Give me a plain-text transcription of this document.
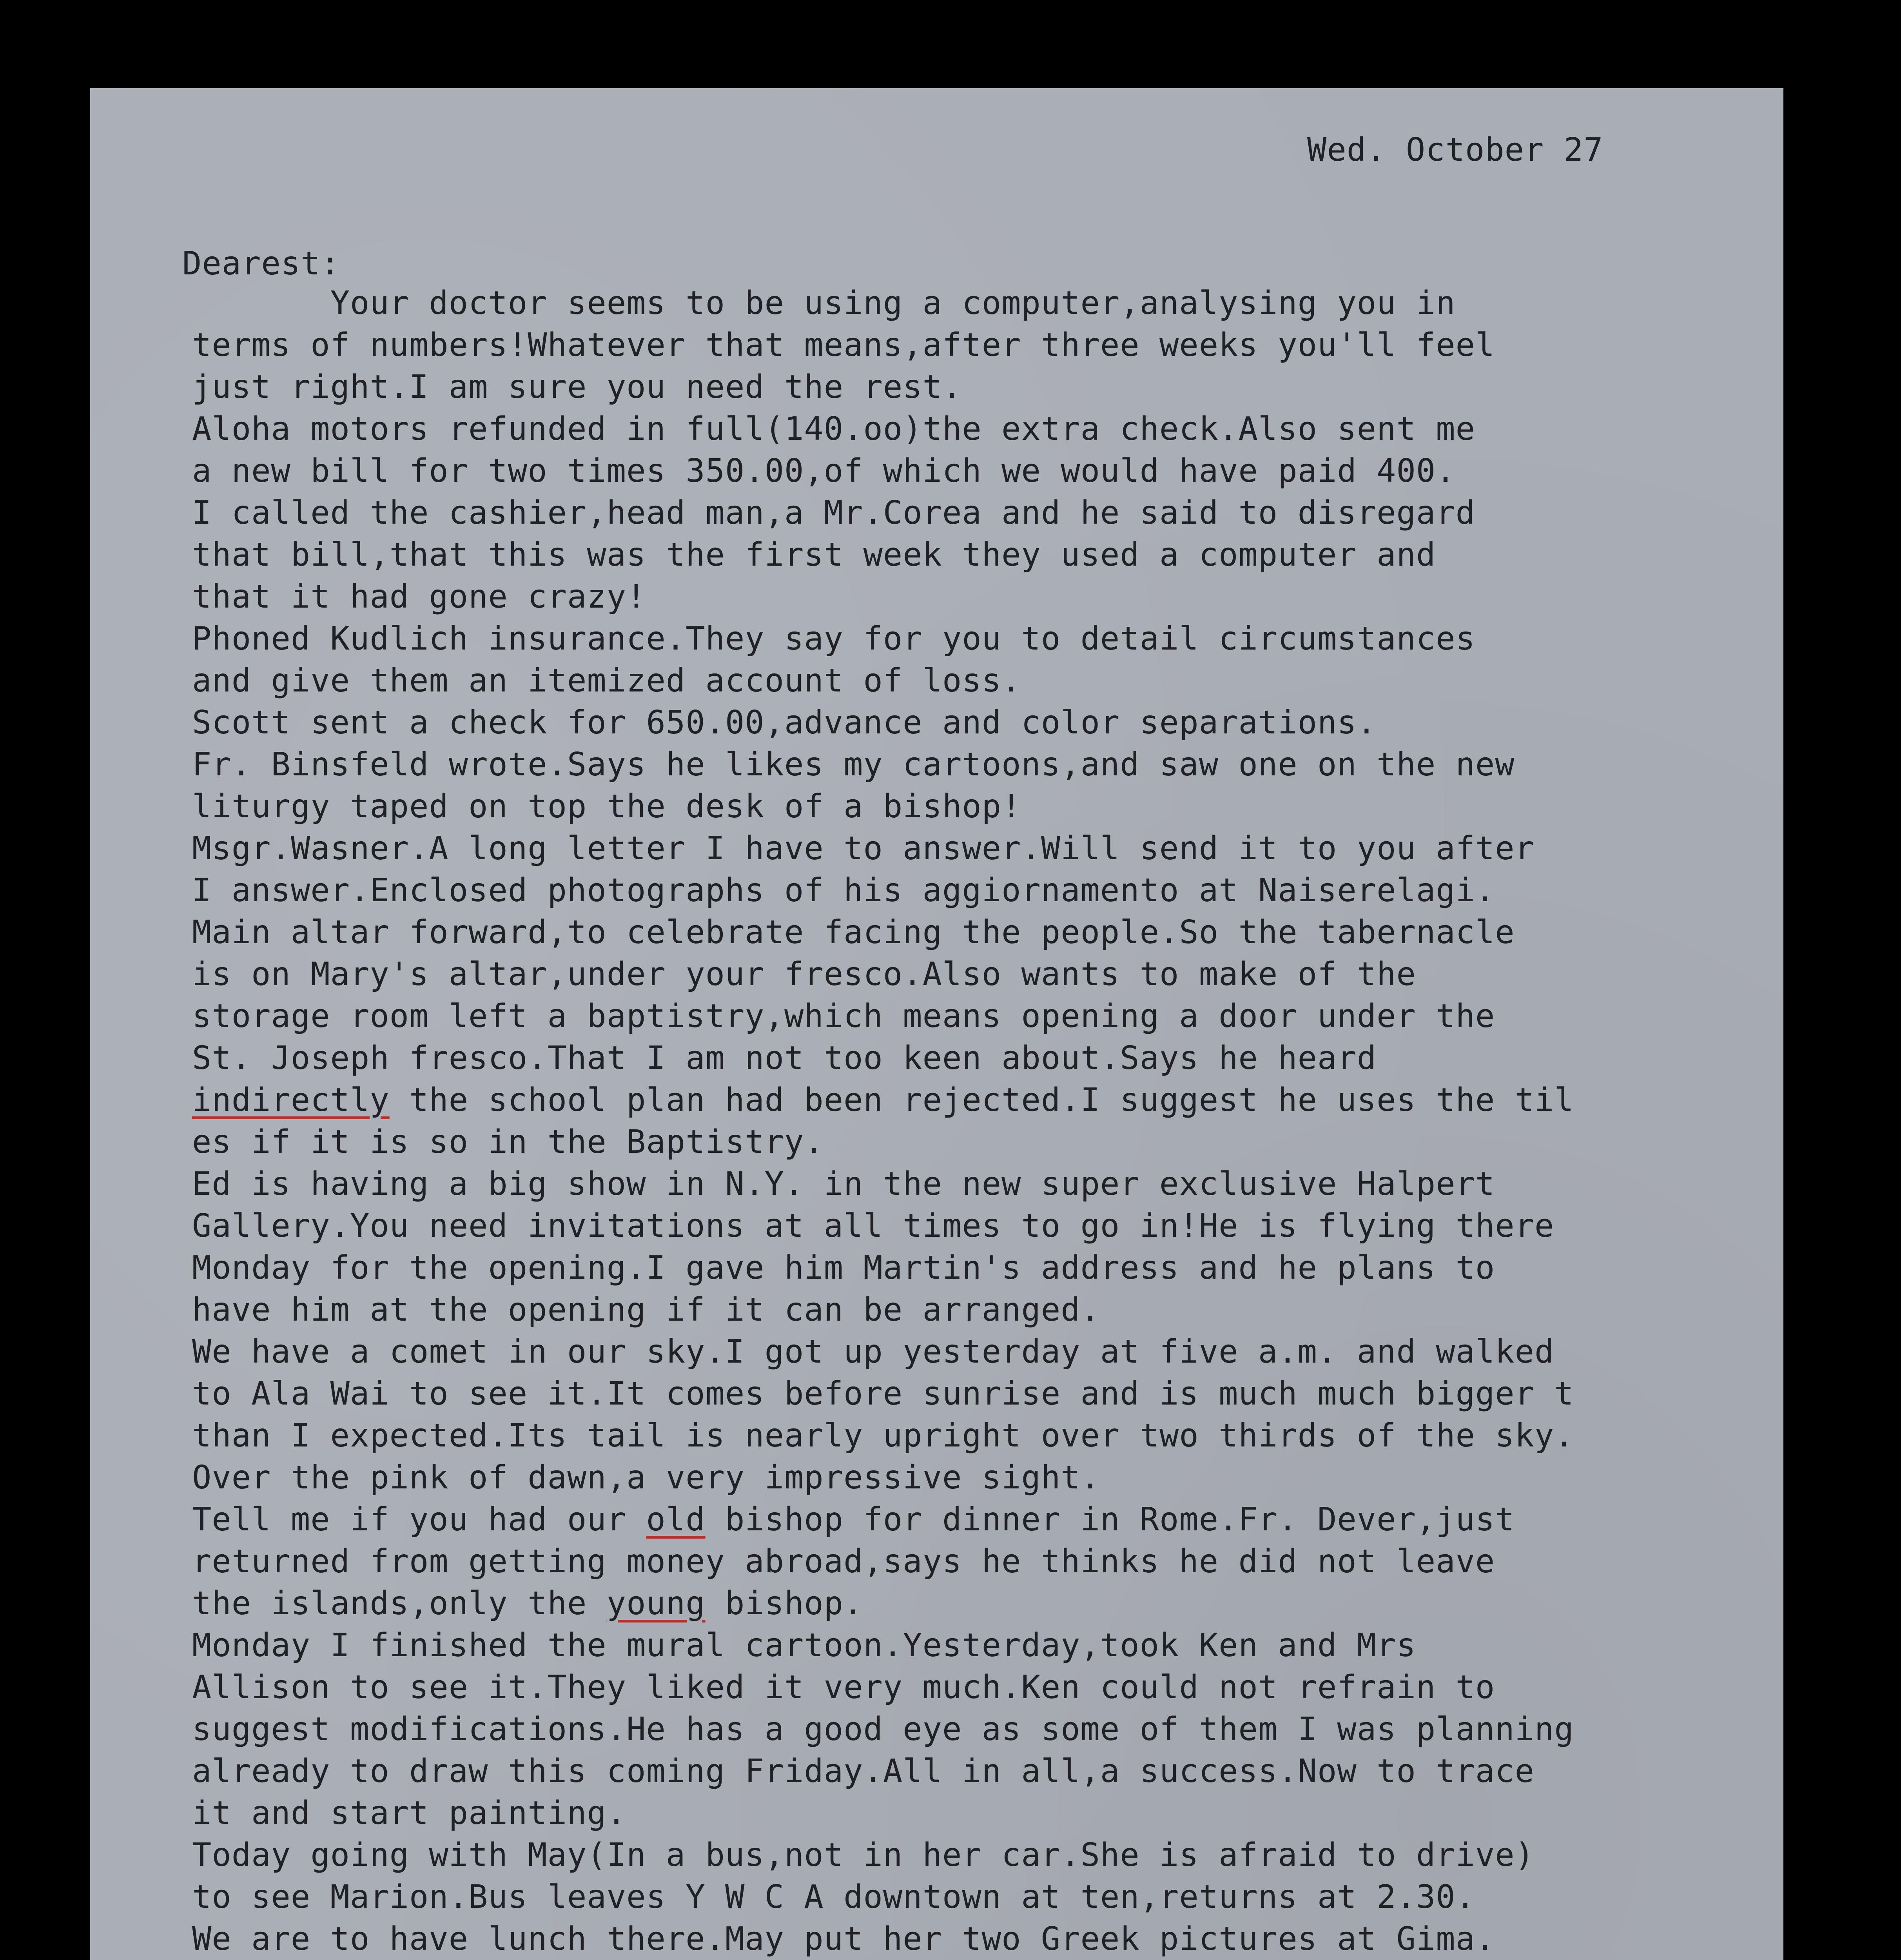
Wed. October 27
Dearest:
Your doctor seems to be using a computer,analysing you in
terms of numbers!Whatever that means,after three weeks you'll feel
just right.I am sure you need the rest.
Aloha motors refunded in full(140.oo)the extra check.Also sent me
a new bill for two times 350.00,of which we would have paid 400.
I called the cashier,head man,a Mr.Corea and he said to disregard
that bill,that this was the first week they used a computer and
that it had gone crazy!
Phoned Kudlich insurance.They say for you to detail circumstances
and give them an itemized account of loss.
Scott sent a check for 650.00,advance and color separations.
Fr. Binsfeld wrote.Says he likes my cartoons,and saw one on the new
liturgy taped on top the desk of a bishop!
Msgr.Wasner.A long letter I have to answer.Will send it to you after
I answer.Enclosed photographs of his aggiornamento at Naiserelagi.
Main altar forward,to celebrate facing the people.So the tabernacle
is on Mary's altar,under your fresco.Also wants to make of the
storage room left a baptistry,which means opening a door under the
St. Joseph fresco.That I am not too keen about.Says he heard
indirectly the school plan had been rejected.I suggest he uses the til
es if it is so in the Baptistry.
Ed is having a big show in N.Y. in the new super exclusive Halpert
Gallery.You need invitations at all times to go in!He is flying there
Monday for the opening.I gave him Martin's address and he plans to
have him at the opening if it can be arranged.
We have a comet in our sky.I got up yesterday at five a.m. and walked
to Ala Wai to see it.It comes before sunrise and is much much bigger t
than I expected.Its tail is nearly upright over two thirds of the sky.
Over the pink of dawn,a very impressive sight.
Tell me if you had our old bishop for dinner in Rome.Fr. Dever,just
returned from getting money abroad,says he thinks he did not leave
the islands,only the young bishop.
Monday I finished the mural cartoon.Yesterday,took Ken and Mrs
Allison to see it.They liked it very much.Ken could not refrain to
suggest modifications.He has a good eye as some of them I was planning
already to draw this coming Friday.All in all,a success.Now to trace
it and start painting.
Today going with May(In a bus,not in her car.She is afraid to drive)
to see Marion.Bus leaves Y W C A downtown at ten,returns at 2.30.
We are to have lunch there.May put her two Greek pictures at Gima.
